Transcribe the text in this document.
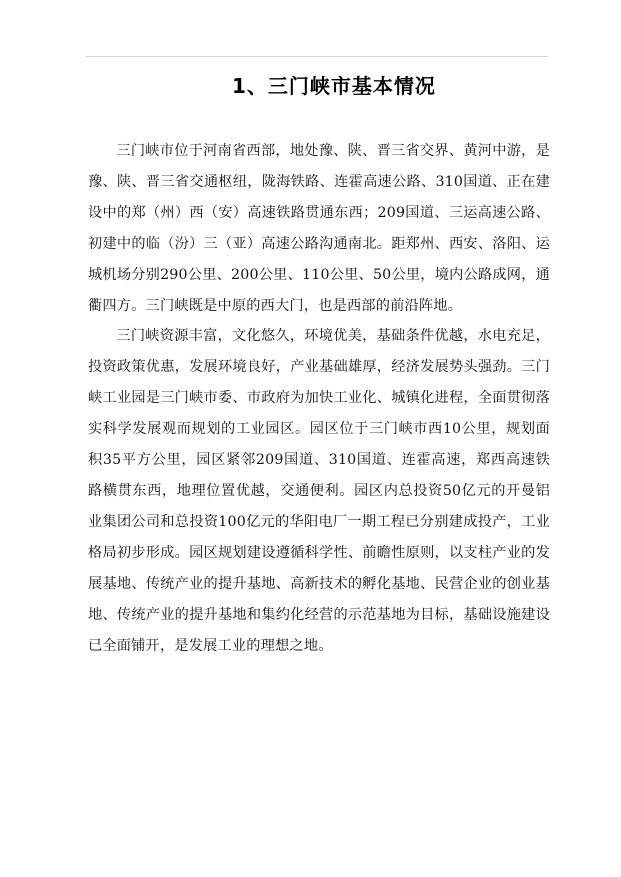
1、三门峡市基本情况

三门峡市位于河南省西部，地处豫、陕、晋三省交界、黄河中游，是豫、陕、晋三省交通枢纽，陇海铁路、连霍高速公路、310国道、正在建设中的郑（州）西（安）高速铁路贯通东西；209国道、三运高速公路、初建中的临（汾）三（亚）高速公路沟通南北。距郑州、西安、洛阳、运城机场分别290公里、200公里、110公里、50公里，境内公路成网，通衢四方。三门峡既是中原的西大门，也是西部的前沿阵地。

三门峡资源丰富，文化悠久，环境优美，基础条件优越，水电充足，投资政策优惠，发展环境良好，产业基础雄厚，经济发展势头强劲。三门峡工业园是三门峡市委、市政府为加快工业化、城镇化进程，全面贯彻落实科学发展观而规划的工业园区。园区位于三门峡市西10公里，规划面积35平方公里，园区紧邻209国道、310国道、连霍高速，郑西高速铁路横贯东西，地理位置优越，交通便利。园区内总投资50亿元的开曼铝业集团公司和总投资100亿元的华阳电厂一期工程已分别建成投产，工业格局初步形成。园区规划建设遵循科学性、前瞻性原则，以支柱产业的发展基地、传统产业的提升基地、高新技术的孵化基地、民营企业的创业基地、传统产业的提升基地和集约化经营的示范基地为目标，基础设施建设已全面铺开，是发展工业的理想之地。
